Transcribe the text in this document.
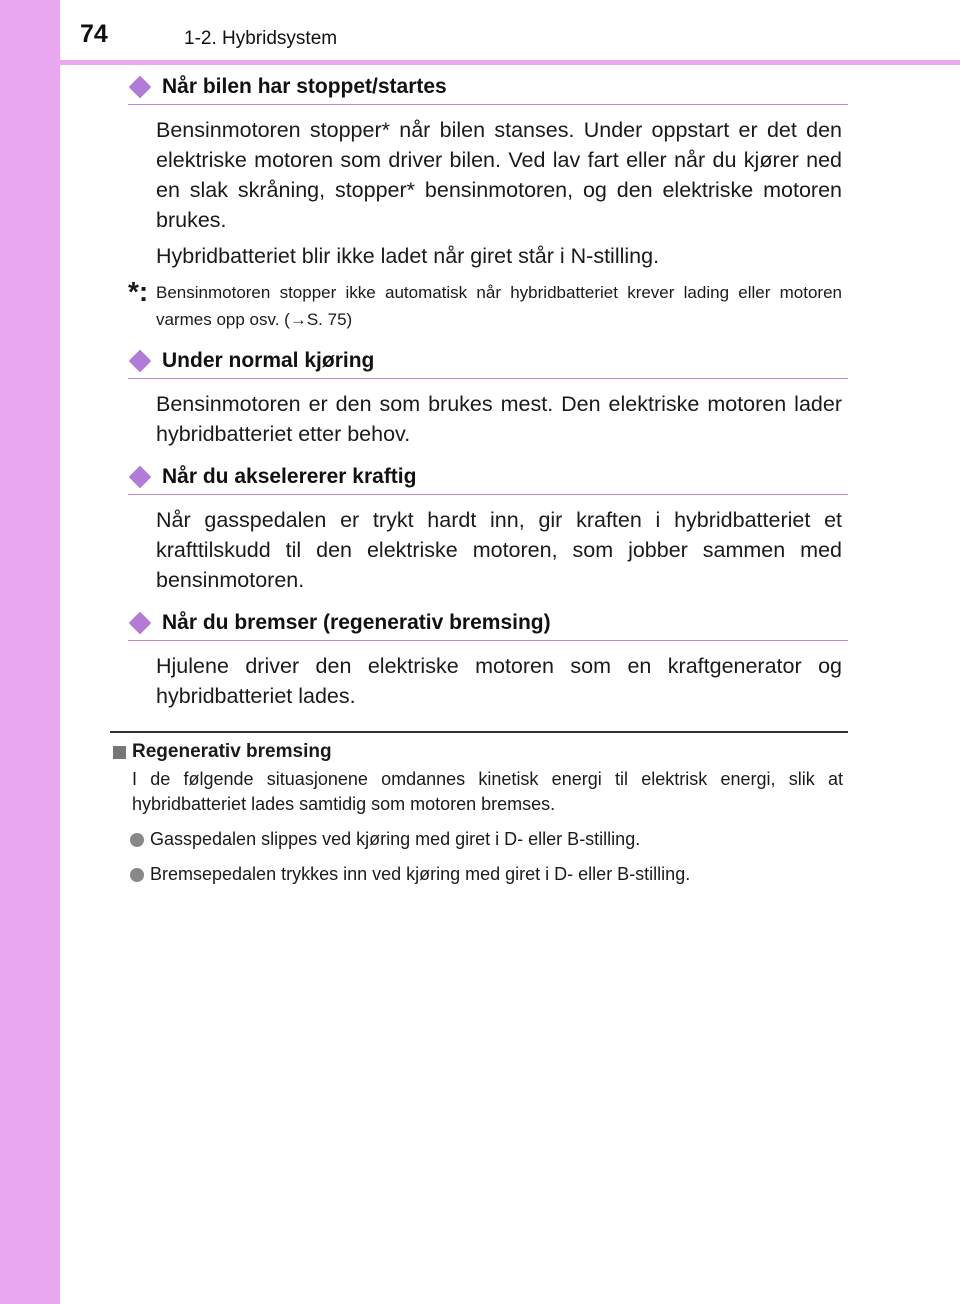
74	1-2. Hybridsystem
Når bilen har stoppet/startes
Bensinmotoren stopper* når bilen stanses. Under oppstart er det den elektriske motoren som driver bilen. Ved lav fart eller når du kjører ned en slak skråning, stopper* bensinmotoren, og den elektriske motoren brukes.
Hybridbatteriet blir ikke ladet når giret står i N-stilling.
*: Bensinmotoren stopper ikke automatisk når hybridbatteriet krever lading eller motoren varmes opp osv. (→S. 75)
Under normal kjøring
Bensinmotoren er den som brukes mest. Den elektriske motoren lader hybridbatteriet etter behov.
Når du akselererer kraftig
Når gasspedalen er trykt hardt inn, gir kraften i hybridbatteriet et krafttilskudd til den elektriske motoren, som jobber sammen med bensinmotoren.
Når du bremser (regenerativ bremsing)
Hjulene driver den elektriske motoren som en kraftgenerator og hybridbatteriet lades.
Regenerativ bremsing
I de følgende situasjonene omdannes kinetisk energi til elektrisk energi, slik at hybridbatteriet lades samtidig som motoren bremses.
Gasspedalen slippes ved kjøring med giret i D- eller B-stilling.
Bremsepedalen trykkes inn ved kjøring med giret i D- eller B-stilling.
